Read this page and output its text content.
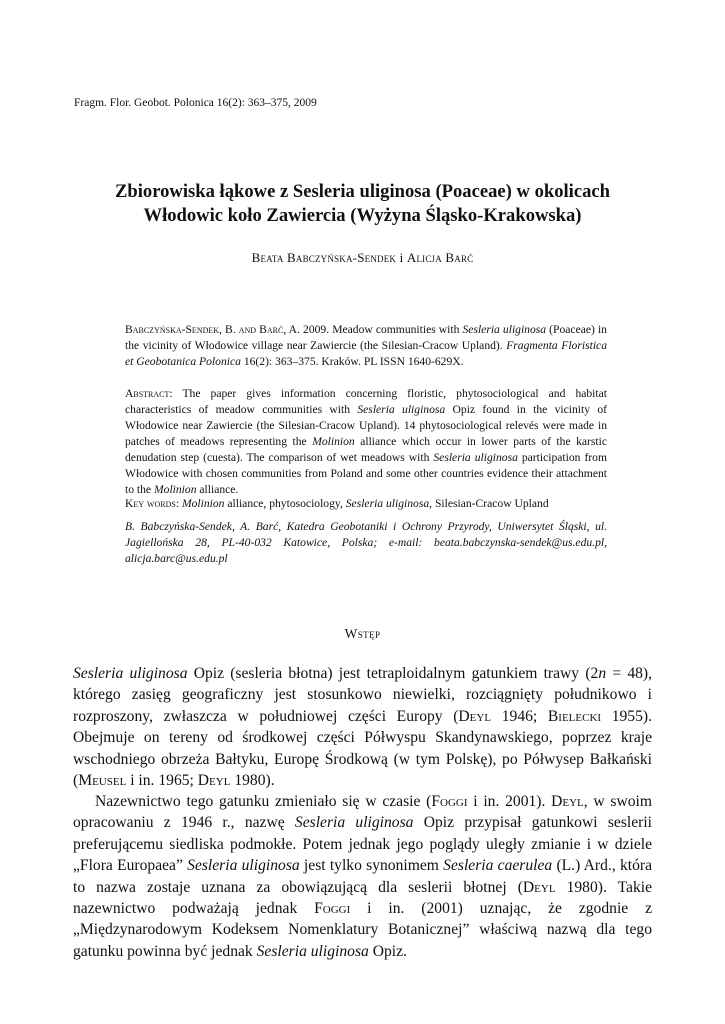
Fragm. Flor. Geobot. Polonica 16(2): 363–375, 2009
Zbiorowiska łąkowe z Sesleria uliginosa (Poaceae) w okolicach
Włodowic koło Zawiercia (Wyżyna Śląsko-Krakowska)
Beata Babczyńska-Sendek i Alicja Barć
Babczyńska-Sendek, B. and Barć, A. 2009. Meadow communities with Sesleria uliginosa (Poaceae) in the vicinity of Włodowice village near Zawiercie (the Silesian-Cracow Upland). Fragmenta Floristica et Geobotanica Polonica 16(2): 363–375. Kraków. PL ISSN 1640-629X.
Abstract: The paper gives information concerning floristic, phytosociological and habitat characteristics of meadow communities with Sesleria uliginosa Opiz found in the vicinity of Włodowice near Zawiercie (the Silesian-Cracow Upland). 14 phytosociological relevés were made in patches of meadows representing the Molinion alliance which occur in lower parts of the karstic denudation step (cuesta). The comparison of wet meadows with Sesleria uliginosa participation from Włodowice with chosen communities from Poland and some other countries evidence their attachment to the Molinion alliance.
Key words: Molinion alliance, phytosociology, Sesleria uliginosa, Silesian-Cracow Upland
B. Babczyńska-Sendek, A. Barć, Katedra Geobotaniki i Ochrony Przyrody, Uniwersytet Śląski, ul. Jagiellońska 28, PL-40-032 Katowice, Polska; e-mail: beata.babczynska-sendek@us.edu.pl, alicja.barc@us.edu.pl
Wstęp
Sesleria uliginosa Opiz (sesleria błotna) jest tetraploidalnym gatunkiem trawy (2n = 48), którego zasięg geograficzny jest stosunkowo niewielki, rozciągnięty południkowo i rozproszony, zwłaszcza w południowej części Europy (Deyl 1946; Bielecki 1955). Obejmuje on tereny od środkowej części Półwyspu Skandynawskiego, poprzez kraje wschodniego obrzeża Bałtyku, Europę Środkową (w tym Polskę), po Półwysep Bałkański (Meusel i in. 1965; Deyl 1980).
Nazewnictwo tego gatunku zmieniało się w czasie (Foggi i in. 2001). Deyl, w swoim opracowaniu z 1946 r., nazwę Sesleria uliginosa Opiz przypisał gatunkowi seslerii preferującemu siedliska podmokłe. Potem jednak jego poglądy uległy zmianie i w dziele „Flora Europaea” Sesleria uliginosa jest tylko synonimem Sesleria caerulea (L.) Ard., która to nazwa zostaje uznana za obowiązującą dla seslerii błotnej (Deyl 1980). Takie nazewnictwo podważają jednak Foggi i in. (2001) uznając, że zgodnie z „Międzynarodowym Kodeksem Nomenklatury Botanicznej” właściwą nazwą dla tego gatunku powinna być jednak Sesleria uliginosa Opiz.
